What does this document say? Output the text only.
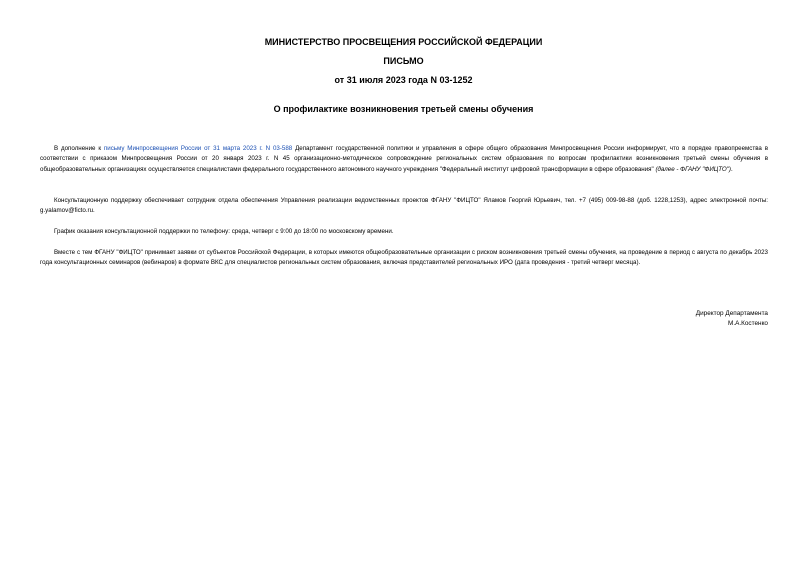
МИНИСТЕРСТВО ПРОСВЕЩЕНИЯ РОССИЙСКОЙ ФЕДЕРАЦИИ
ПИСЬМО
от 31 июля 2023 года N 03-1252
О профилактике возникновения третьей смены обучения

В дополнение к письму Минпросвещения России от 31 марта 2023 г. N 03-588 Департамент государственной политики и управления в сфере общего образования Минпросвещения России информирует, что в порядке правопреемства в соответствии с приказом Минпросвещения России от 20 января 2023 г. N 45 организационно-методическое сопровождение региональных систем образования по вопросам профилактики возникновения третьей смены обучения в общеобразовательных организациях осуществляется специалистами федерального государственного автономного научного учреждения "Федеральный институт цифровой трансформации в сфере образования" (далее - ФГАНУ "ФИЦТО").

Консультационную поддержку обеспечивает сотрудник отдела обеспечения Управления реализации ведомственных проектов ФГАНУ "ФИЦТО" Яламов Георгий Юрьевич, тел. +7 (495) 009-98-88 (доб. 1228,1253), адрес электронной почты: g.yalamov@ficto.ru.

График оказания консультационной поддержки по телефону: среда, четверг с 9:00 до 18:00 по московскому времени.

Вместе с тем ФГАНУ "ФИЦТО" принимает заявки от субъектов Российской Федерации, в которых имеются общеобразовательные организации с риском возникновения третьей смены обучения, на проведение в период с августа по декабрь 2023 года консультационных семинаров (вебинаров) в формате ВКС для специалистов региональных систем образования, включая представителей региональных ИРО (дата проведения - третий четверг месяца).

Директор Департамента
М.А.Костенко
